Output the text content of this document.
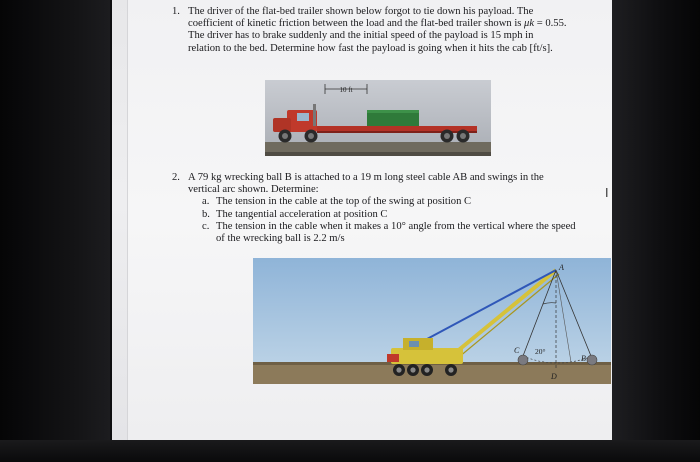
1. The driver of the flat-bed trailer shown below forgot to tie down his payload. The coefficient of kinetic friction between the load and the flat-bed trailer shown is μk = 0.55. The driver has to brake suddenly and the initial speed of the payload is 15 mph in relation to the bed. Determine how fast the payload is going when it hits the cab [ft/s].
10 ft
2. A 79 kg wrecking ball B is attached to a 19 m long steel cable AB and swings in the vertical arc shown. Determine:
a. The tension in the cable at the top of the swing at position C
b. The tangential acceleration at position C
c. The tension in the cable when it makes a 10° angle from the vertical where the speed of the wrecking ball is 2.2 m/s
20°
A
B
C
D
I
